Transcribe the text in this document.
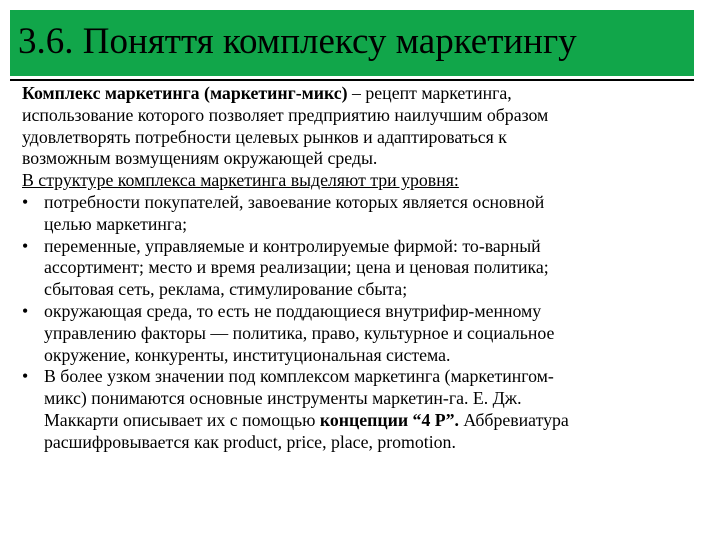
3.6. Поняття комплексу маркетингу

Комплекс маркетинга (маркетинг-микс) – рецепт маркетинга,
использование которого позволяет предприятию наилучшим образом
удовлетворять потребности целевых рынков и адаптироваться к
возможным возмущениям окружающей среды.

В структуре комплекса маркетинга выделяют три уровня:

• потребности покупателей, завоевание которых является основной
целью маркетинга;
• переменные, управляемые и контролируемые фирмой: то-варный
ассортимент; место и время реализации; цена и ценовая политика;
сбытовая сеть, реклама, стимулирование сбыта;
• окружающая среда, то есть не поддающиеся внутрифир-менному
управлению факторы — политика, право, культурное и социальное
окружение, конкуренты, институциональная система.
• В более узком значении под комплексом маркетинга (маркетингом-
микс) понимаются основные инструменты маркетин-га. Е. Дж.
Маккарти описывает их с помощью концепции “4 P”. Аббревиатура
расшифровывается как product, price, place, promotion.
